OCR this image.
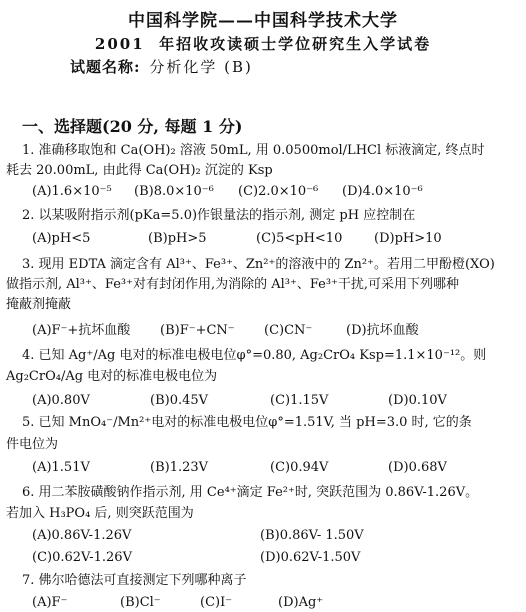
中国科学院——中国科学技术大学
2001 年招收攻读硕士学位研究生入学试卷
试题名称: 分析化学 (B)
一、选择题(20 分, 每题 1 分)
1. 准确移取饱和 Ca(OH)₂ 溶液 50mL, 用 0.0500mol/LHCl 标液滴定, 终点时
耗去 20.00mL, 由此得 Ca(OH)₂ 沉淀的 Ksp
(A)1.6×10⁻⁵ (B)8.0×10⁻⁶ (C)2.0×10⁻⁶ (D)4.0×10⁻⁶
2. 以某吸附指示剂(pKa=5.0)作银量法的指示剂, 测定 pH 应控制在
(A)pH<5	(B)pH>5	(C)5<pH<10 (D)pH>10
3. 现用 EDTA 滴定含有 Al³⁺、Fe³⁺、Zn²⁺的溶液中的 Zn²⁺。若用二甲酚橙(XO)
做指示剂, Al³⁺、Fe³⁺对有封闭作用,为消除的 Al³⁺、Fe³⁺干扰,可采用下列哪种
掩蔽剂掩蔽
(A)F⁻+抗坏血酸 (B)F⁻+CN⁻ (C)CN⁻	(D)抗坏血酸
4. 已知 Ag⁺/Ag 电对的标准电极电位φ°=0.80, Ag₂CrO₄ Ksp=1.1×10⁻¹²。则
Ag₂CrO₄/Ag 电对的标准电极电位为
(A)0.80V	(B)0.45V	(C)1.15V	(D)0.10V
5. 已知 MnO₄⁻/Mn²⁺电对的标准电极电位φ°=1.51V, 当 pH=3.0 时, 它的条
件电位为
(A)1.51V	(B)1.23V	(C)0.94V	(D)0.68V
6. 用二苯胺磺酸钠作指示剂, 用 Ce⁴⁺滴定 Fe²⁺时, 突跃范围为 0.86V-1.26V。
若加入 H₃PO₄ 后, 则突跃范围为
(A)0.86V-1.26V	(B)0.86V- 1.50V
(C)0.62V-1.26V	(D)0.62V-1.50V
7. 佛尔哈德法可直接测定下列哪种离子
(A)F⁻	(B)Cl⁻	(C)I⁻	(D)Ag⁺
